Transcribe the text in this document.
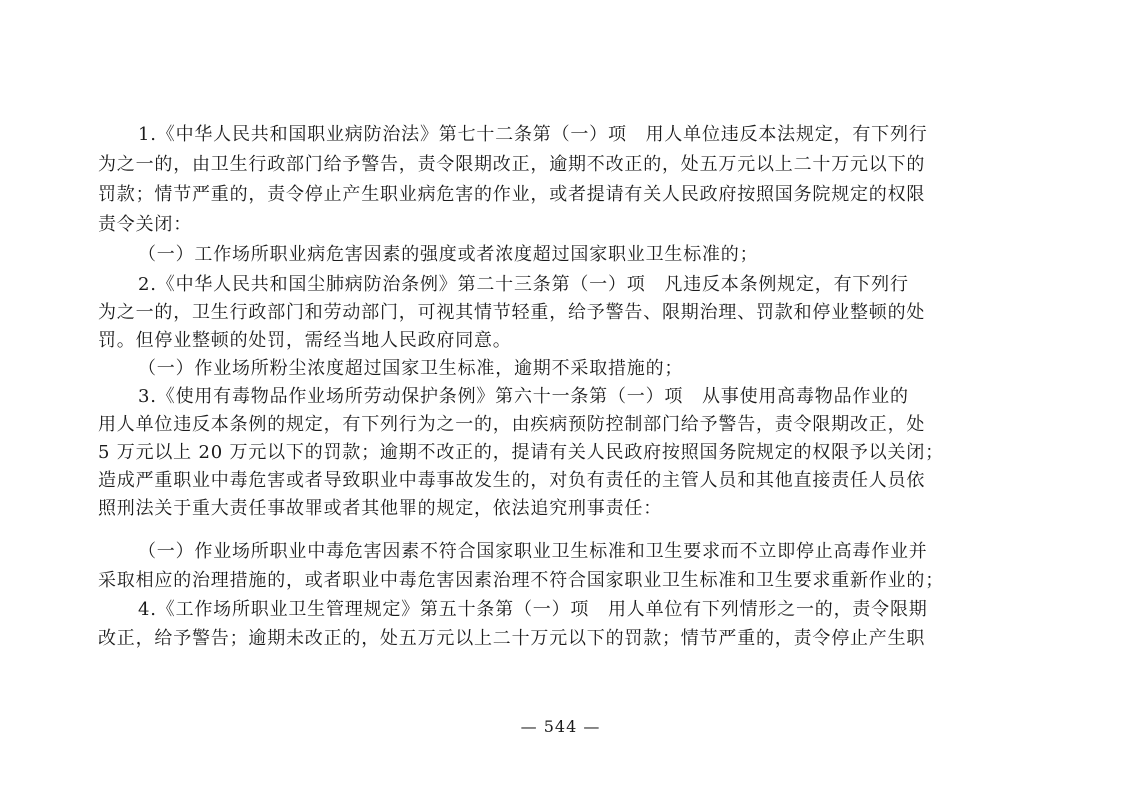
1.《中华人民共和国职业病防治法》第七十二条第（一）项　用人单位违反本法规定，有下列行
为之一的，由卫生行政部门给予警告，责令限期改正，逾期不改正的，处五万元以上二十万元以下的
罚款；情节严重的，责令停止产生职业病危害的作业，或者提请有关人民政府按照国务院规定的权限
责令关闭：
（一）工作场所职业病危害因素的强度或者浓度超过国家职业卫生标准的；
2.《中华人民共和国尘肺病防治条例》第二十三条第（一）项　凡违反本条例规定，有下列行
为之一的，卫生行政部门和劳动部门，可视其情节轻重，给予警告、限期治理、罚款和停业整顿的处
罚。但停业整顿的处罚，需经当地人民政府同意。
（一）作业场所粉尘浓度超过国家卫生标准，逾期不采取措施的；
3.《使用有毒物品作业场所劳动保护条例》第六十一条第（一）项　从事使用高毒物品作业的
用人单位违反本条例的规定，有下列行为之一的，由疾病预防控制部门给予警告，责令限期改正，处
5 万元以上 20 万元以下的罚款；逾期不改正的，提请有关人民政府按照国务院规定的权限予以关闭；
造成严重职业中毒危害或者导致职业中毒事故发生的，对负有责任的主管人员和其他直接责任人员依
照刑法关于重大责任事故罪或者其他罪的规定，依法追究刑事责任：
（一）作业场所职业中毒危害因素不符合国家职业卫生标准和卫生要求而不立即停止高毒作业并
采取相应的治理措施的，或者职业中毒危害因素治理不符合国家职业卫生标准和卫生要求重新作业的；
4.《工作场所职业卫生管理规定》第五十条第（一）项　用人单位有下列情形之一的，责令限期
改正，给予警告；逾期未改正的，处五万元以上二十万元以下的罚款；情节严重的，责令停止产生职
— 544 —
